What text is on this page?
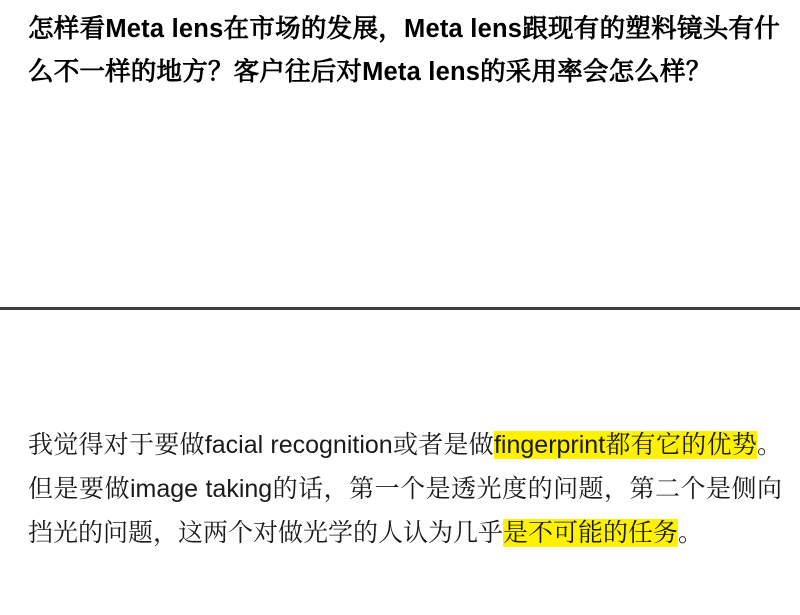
怎样看Meta lens在市场的发展，Meta lens跟现有的塑料镜头有什么不一样的地方？客户往后对Meta lens的采用率会怎么样？

我觉得对于要做facial recognition或者是做fingerprint都有它的优势。但是要做image taking的话，第一个是透光度的问题，第二个是侧向挡光的问题，这两个对做光学的人认为几乎是不可能的任务。
